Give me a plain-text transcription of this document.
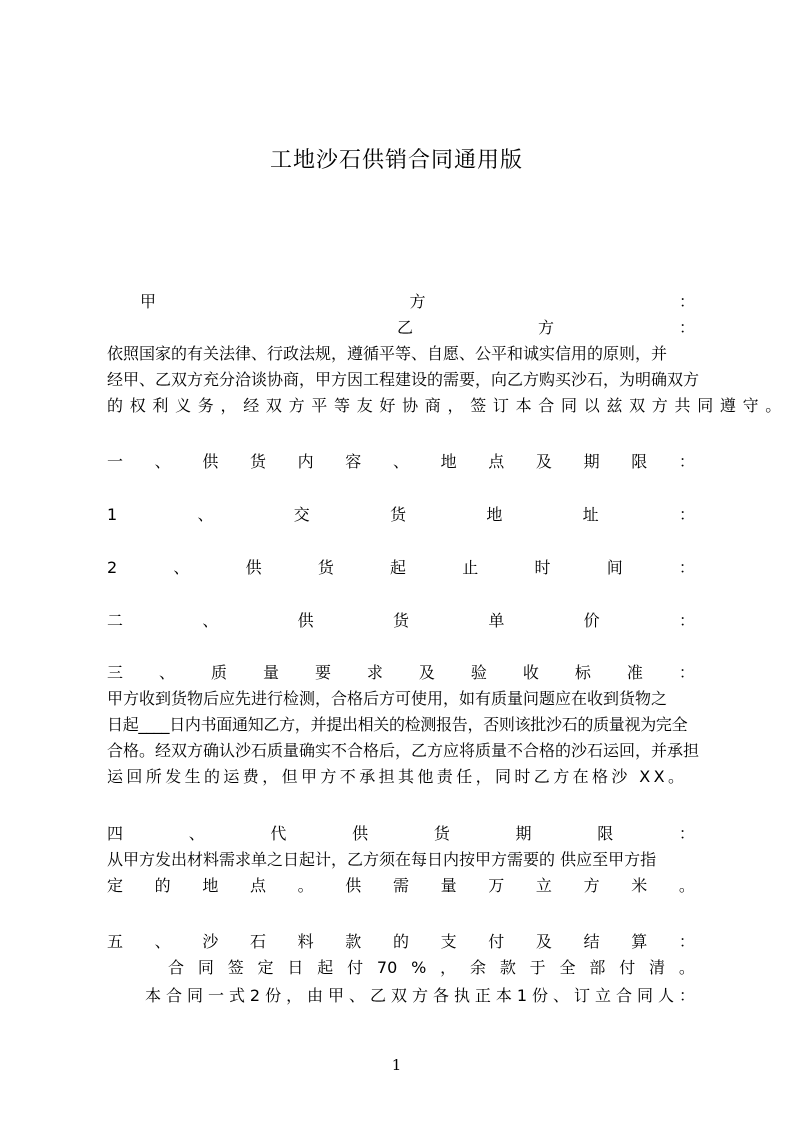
工地沙石供销合同通用版
甲	方	：
乙	方	：
依照国家的有关法律、行政法规，遵循平等、自愿、公平和诚实信用的原则，并
经甲、乙双方充分洽谈协商，甲方因工程建设的需要，向乙方购买沙石，为明确双方
的权利义务，经双方平等友好协商，签订本合同以兹双方共同遵守。
一 、 供 货 内 容 、 地 点 及 期 限 ：
1	、	交	货	地	址	：
2	、	供	货	起	止	时	间	：
二	、	供	货	单	价	：
三 、 质 量 要 求 及 验 收 标 准 ：
甲方收到货物后应先进行检测，合格后方可使用，如有质量问题应在收到货物之
日起____日内书面通知乙方，并提出相关的检测报告，否则该批沙石的质量视为完全
合格。经双方确认沙石质量确实不合格后，乙方应将质量不合格的沙石运回，并承担
运回所发生的运费，但甲方不承担其他责任，同时乙方在格沙 XX。
四	、	代	供	货	期	限	：
从甲方发出材料需求单之日起计，乙方须在每日内按甲方需要的 供应至甲方指
定 的 地 点 。 供 需 量 万 立 方 米 。
五 、 沙 石 料 款 的 支 付 及 结 算 ：
合 同 签 定 日 起 付 70 % ， 余 款 于 全 部 付 清 。
本 合 同 一 式 2 份 ， 由 甲 、 乙 双 方 各 执 正 本 1 份 、 订 立 合 同 人 ：
1
